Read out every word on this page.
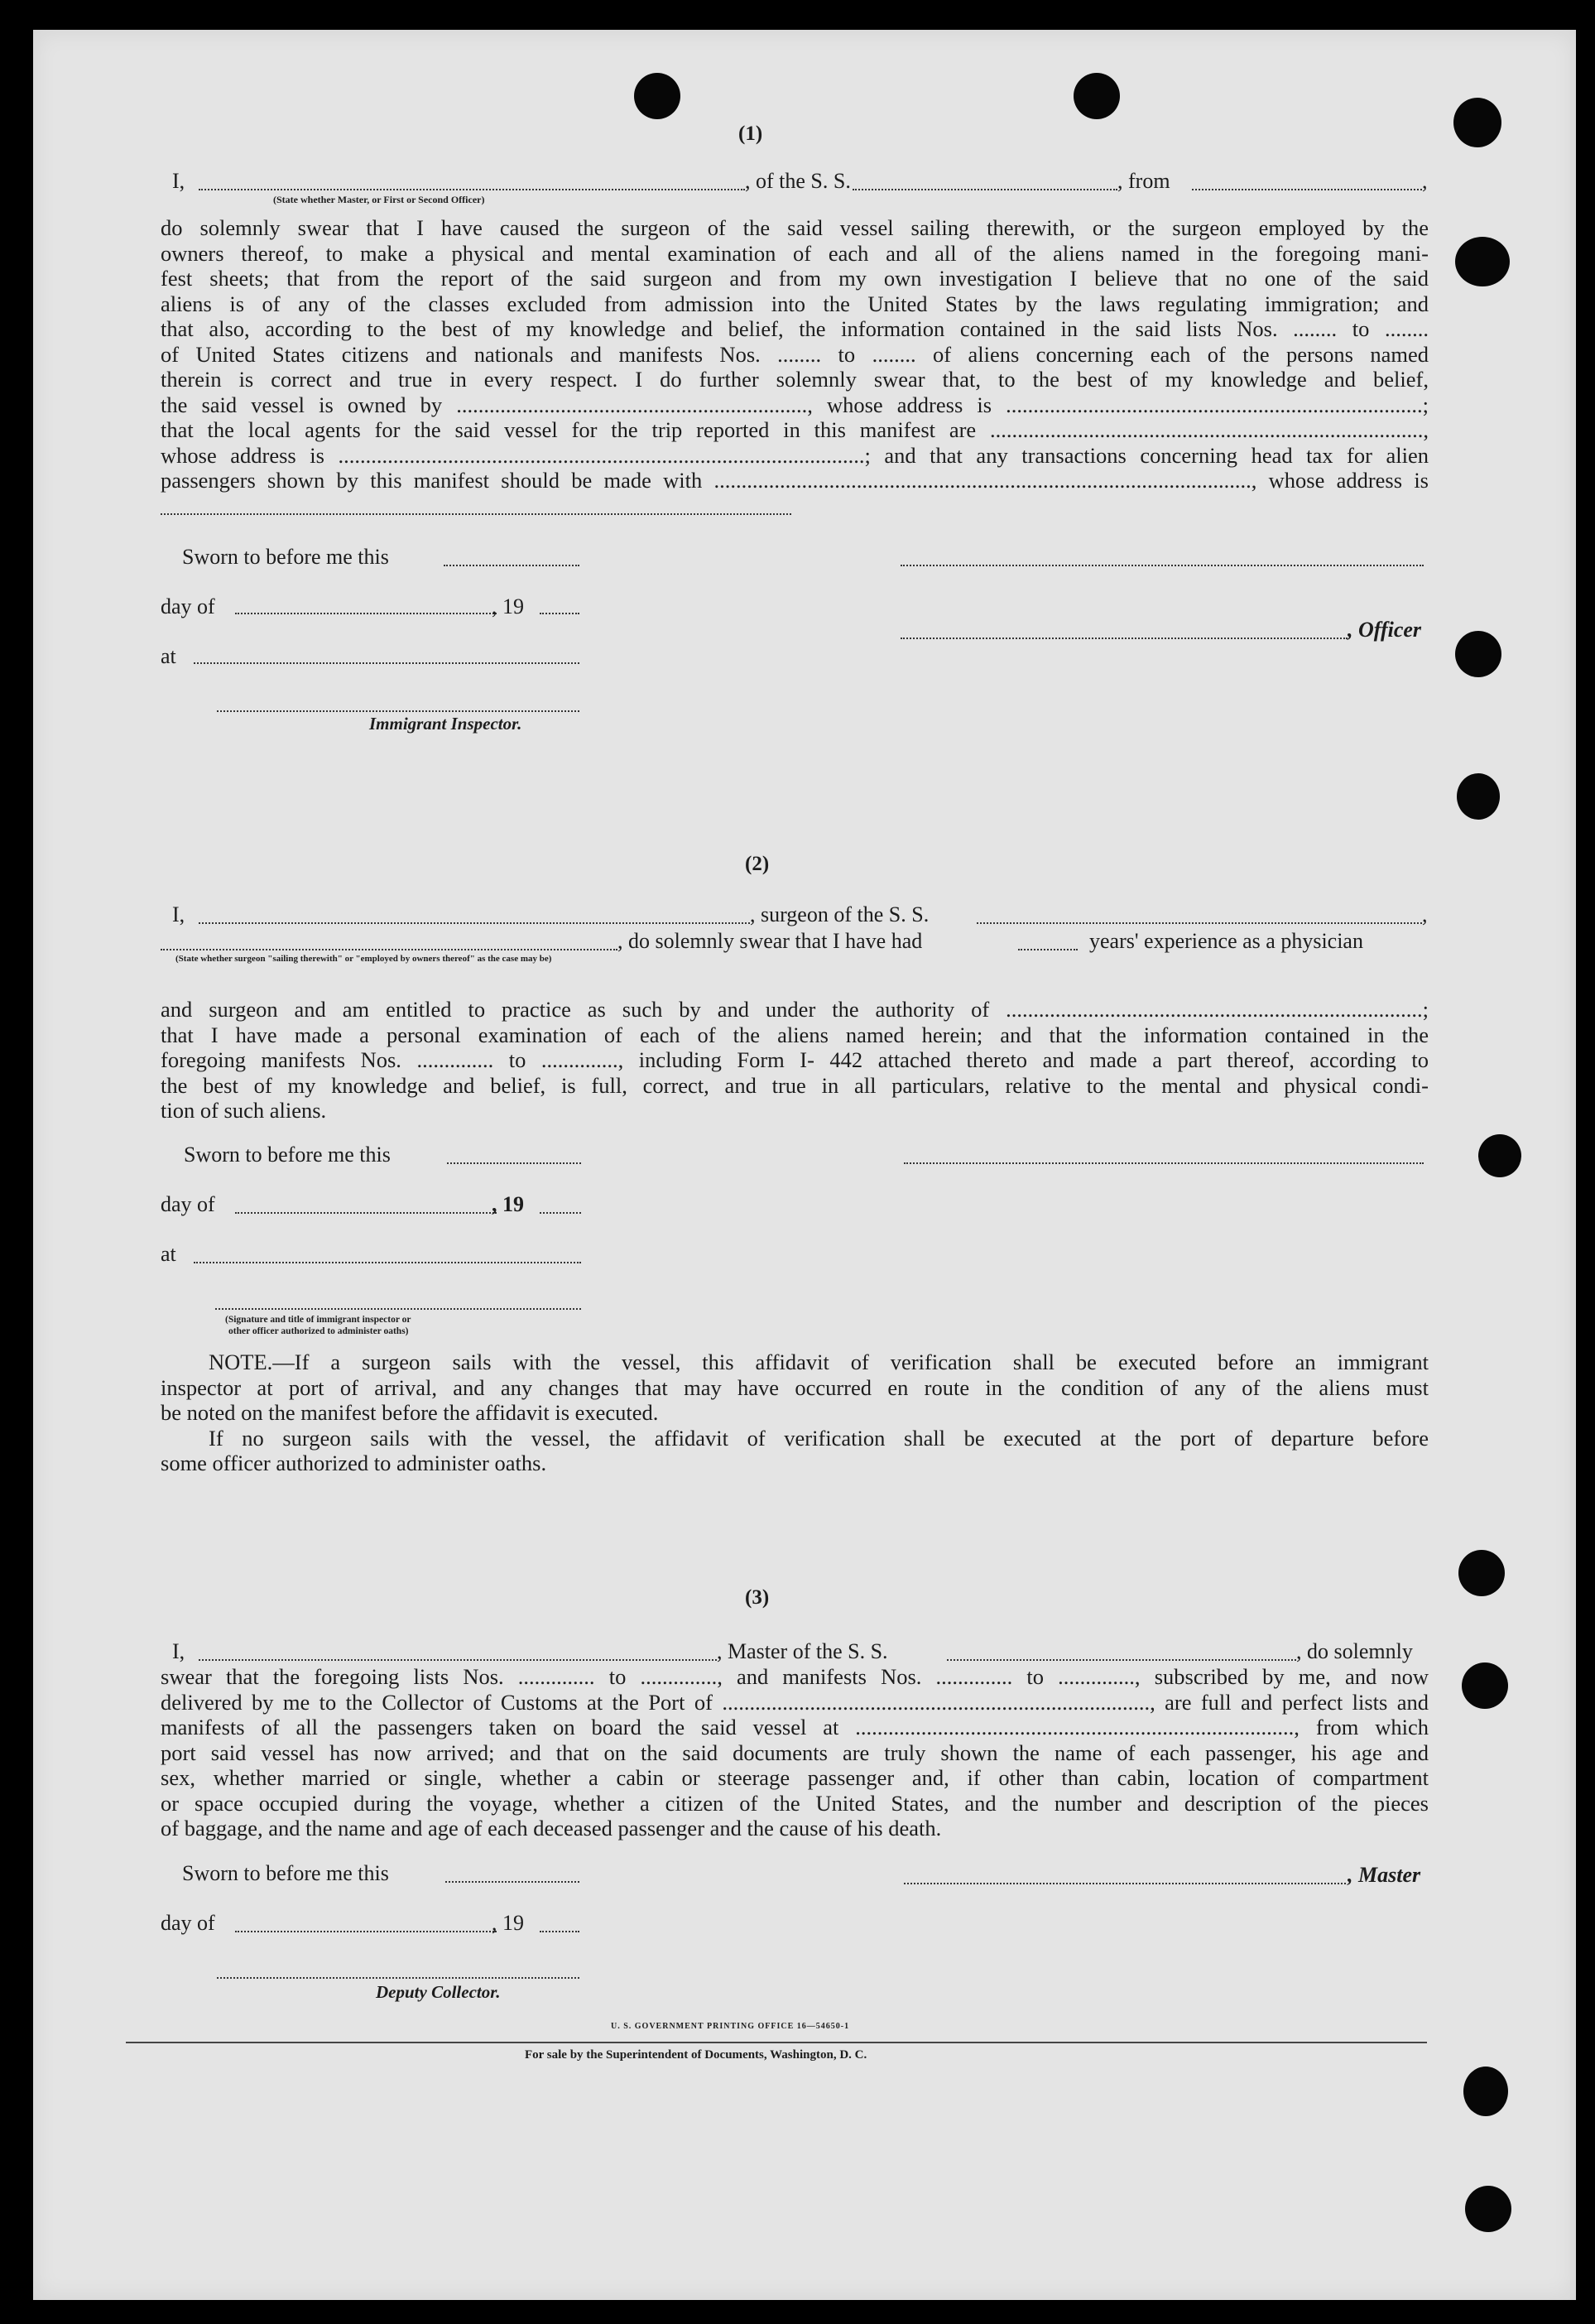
(1)
I,	, of the S. S.	, from	,
(State whether Master, or First or Second Officer)
do solemnly swear that I have caused the surgeon of the said vessel sailing therewith, or the surgeon employed by the
owners thereof, to make a physical and mental examination of each and all of the aliens named in the foregoing mani-
fest sheets; that from the report of the said surgeon and from my own investigation I believe that no one of the said
aliens is of any of the classes excluded from admission into the United States by the laws regulating immigration; and
that also, according to the best of my knowledge and belief, the information contained in the said lists Nos. ........ to ........
of United States citizens and nationals and manifests Nos. ........ to ........ of aliens concerning each of the persons named
therein is correct and true in every respect. I do further solemnly swear that, to the best of my knowledge and belief,
the said vessel is owned by ................................................................, whose address is ............................................................................;
that the local agents for the said vessel for the trip reported in this manifest are ...............................................................................,
whose address is ................................................................................................; and that any transactions concerning head tax for alien
passengers shown by this manifest should be made with .................................................................................................., whose address is
Sworn to before me this
day of	, 19
, Officer
at
Immigrant Inspector.
(2)
I,	, surgeon of the S. S.	,
, do solemnly swear that I have had	years' experience as a physician
(State whether surgeon "sailing therewith" or "employed by owners thereof" as the case may be)
and surgeon and am entitled to practice as such by and under the authority of ............................................................................;
that I have made a personal examination of each of the aliens named herein; and that the information contained in the
foregoing manifests Nos. .............. to .............., including Form I- 442 attached thereto and made a part thereof, according to
the best of my knowledge and belief, is full, correct, and true in all particulars, relative to the mental and physical condi-
tion of such aliens.
Sworn to before me this
day of	, 19
at
(Signature and title of immigrant inspector or
other officer authorized to administer oaths)
NOTE.—If a surgeon sails with the vessel, this affidavit of verification shall be executed before an immigrant
inspector at port of arrival, and any changes that may have occurred en route in the condition of any of the aliens must
be noted on the manifest before the affidavit is executed.
If no surgeon sails with the vessel, the affidavit of verification shall be executed at the port of departure before
some officer authorized to administer oaths.
(3)
I,	, Master of the S. S.	, do solemnly
swear that the foregoing lists Nos. .............. to .............., and manifests Nos. .............. to .............., subscribed by me, and now
delivered by me to the Collector of Customs at the Port of .............................................................................., are full and perfect lists and
manifests of all the passengers taken on board the said vessel at ................................................................................, from which
port said vessel has now arrived; and that on the said documents are truly shown the name of each passenger, his age and
sex, whether married or single, whether a cabin or steerage passenger and, if other than cabin, location of compartment
or space occupied during the voyage, whether a citizen of the United States, and the number and description of the pieces
of baggage, and the name and age of each deceased passenger and the cause of his death.
Sworn to before me this	, Master
day of	, 19
Deputy Collector.
U. S. GOVERNMENT PRINTING OFFICE 16—54650-1
For sale by the Superintendent of Documents, Washington, D. C.
